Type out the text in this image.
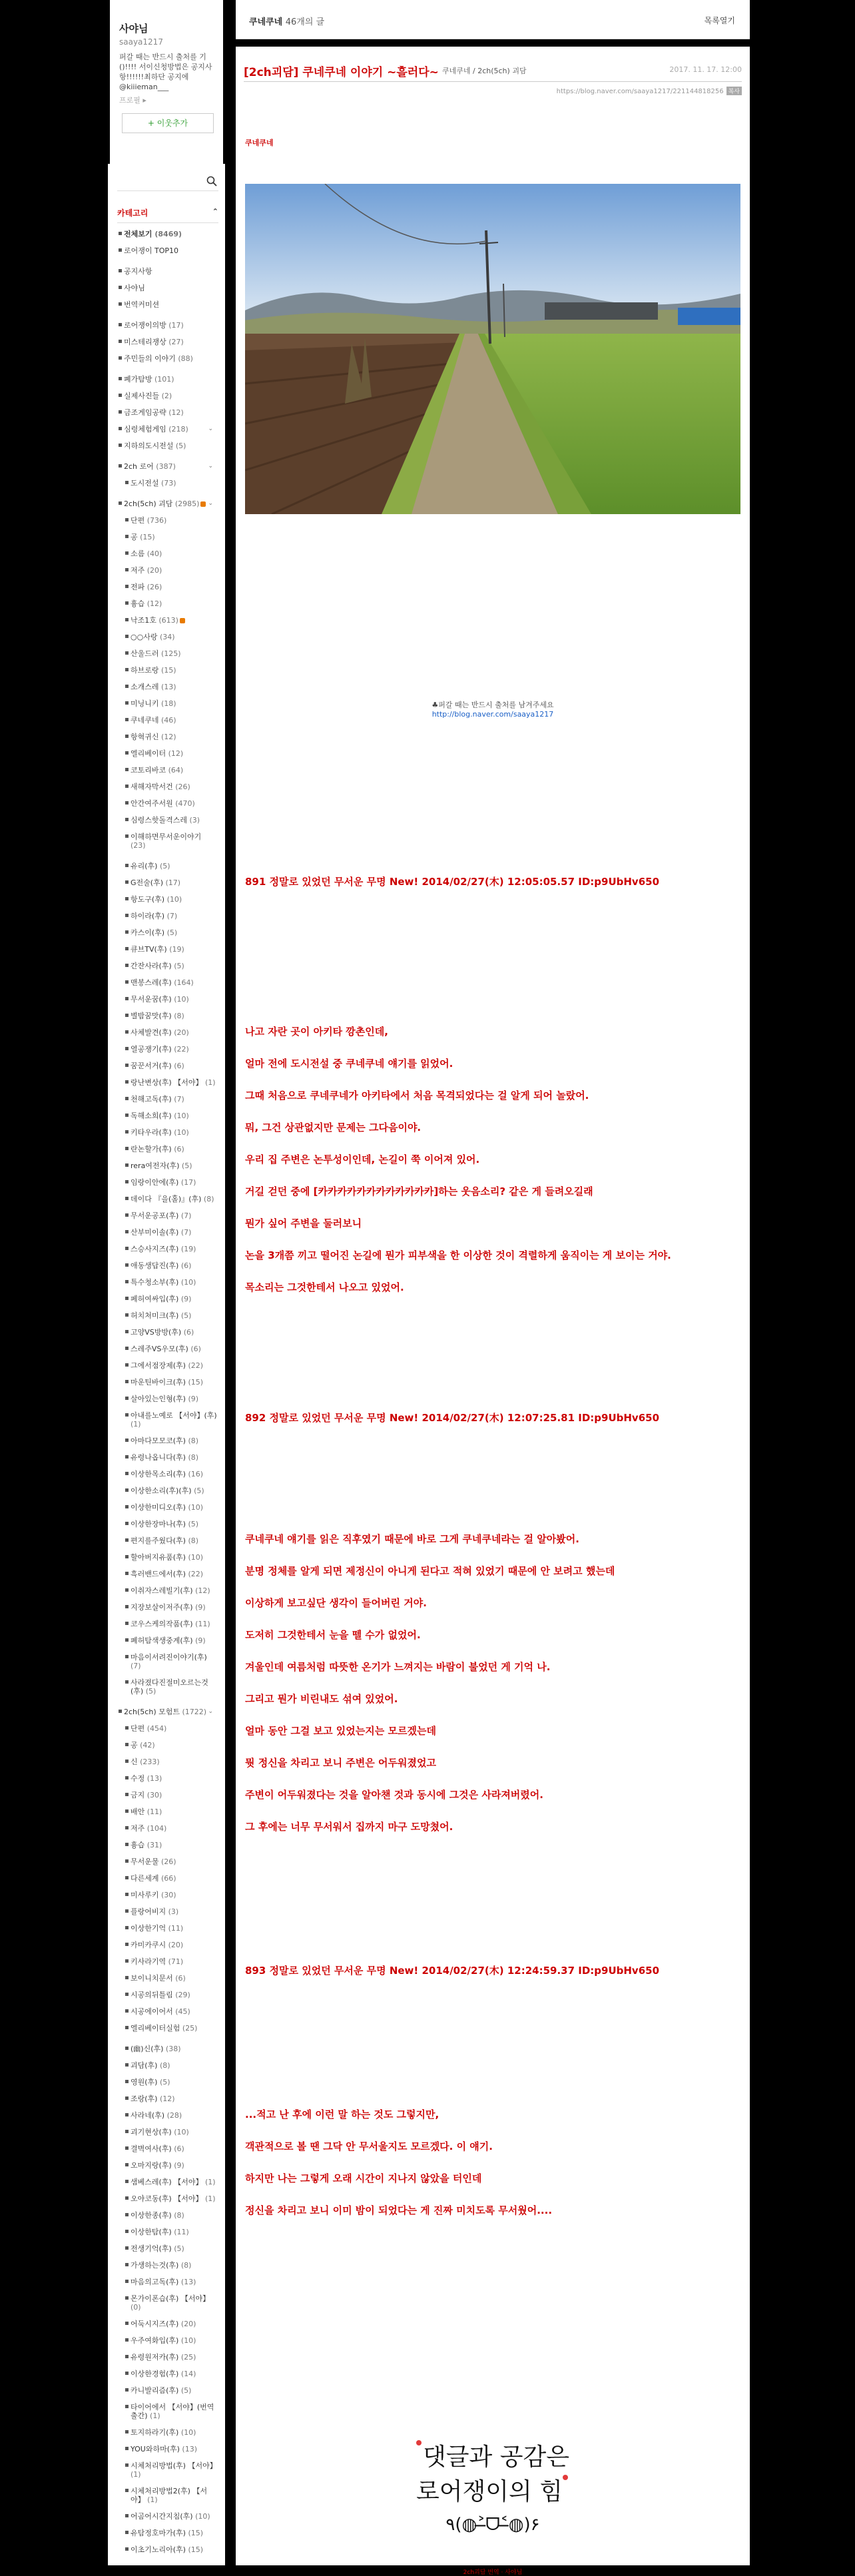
사야님
saaya1217
퍼갈 때는 반드시 출처를 기()!!!! 서이신청방법은 공지사항!!!!!!최하단 공지에 @kiiieman___
프로필 ▸
+ 이웃추가
카테고리	⌃
전체보기 (8469)
로어쟁이 TOP10
공지사항
사야님
번역커미션
로어쟁이의방 (17)
미스테리쟁상 (27)
주민들의 이야기 (88)
폐가탐방 (101)
실제사진들 (2)
금조게임공략 (12)
심령체험게임 (218)	⌄
지하의도시전설 (5)
2ch 로어 (387)	⌄
도시전설 (73)
2ch(5ch) 괴담 (2985) ⌄
단편 (736)
공 (15)
소름 (40)
저주 (20)
전파 (26)
흉습 (12)
낙조1호 (613)
○○사랑 (34)
산울드러 (125)
하브로랑 (15)
소개스레 (13)
미닝니키 (18)
쿠네쿠네 (46)
항혁귀신 (12)
엘리베이터 (12)
코토리바코 (64)
새해자막서건 (26)
안간여주서원 (470)
심령스핫돌격스레 (3)
이해하면무서운이야기 (23)
유리(후) (5)
G전술(후) (17)
항도구(후) (10)
하이라(후) (7)
카스이(후) (5)
큐브TV(후) (19)
간잔사라(후) (5)
맨봉스레(후) (164)
무서운꿈(후) (10)
별밤꿈맛(후) (8)
사체발견(후) (20)
열공쟁기(후) (22)
꿈꾼서거(후) (6)
랑난변상(후) 【서야】 (1)
천해고독(후) (7)
독해소희(후) (10)
키타우라(후) (10)
란논할가(후) (6)
rera여전자(후) (5)
임랑이안에(후) (17)
데이다 『을(홀)』(후) (8)
무서운공포(후) (7)
산부미이솔(후) (7)
스승사지즈(후) (19)
애동생답진(후) (6)
특수청소부(후) (10)
페허여싸입(후) (9)
허치처미크(후) (5)
고양VS방방(후) (6)
스레주VS우모(후) (6)
그에서점장제(후) (22)
마운틴바이크(후) (15)
살아있는인형(후) (9)
아내를노예로 【서야】(후) (1)
아마다모모코(후) (8)
유령나옵니다(후) (8)
이상한목소리(후) (16)
이상한소리(후)(후) (5)
이상한미디오(후) (10)
이상한장마나(후) (5)
편지를주웠다(후) (8)
할아버지유품(후) (10)
흑러밴드에서(후) (22)
이취자스레빌기(후) (12)
지장보살이저주(후) (9)
코우스케의작품(후) (11)
폐허탐색생중계(후) (9)
마음이서려진이야기(후) (7)
사라졌다진절미오르는것(후) (5)
2ch(5ch) 모험트 (1722) ⌄
단편 (454)
공 (42)
신 (233)
수정 (13)
금지 (30)
배안 (11)
저주 (104)
흉습 (31)
무서운물 (26)
다른세계 (66)
미사루키 (30)
플랑어비지 (3)
이상한기억 (11)
카미카쿠시 (20)
키사라기역 (71)
보이니치문서 (6)
시공의뒤틀림 (29)
시공에이어서 (45)
엘리베이터실험 (25)
(幽)신(후) (38)
괴담(후) (8)
영원(후) (5)
조랑(후) (12)
사라네(후) (28)
괴기현상(후) (10)
결벽여사(후) (6)
오마지랑(후) (9)
샘베스레(후) 【서야】 (1)
오야코동(후) 【서야】 (1)
이상한종(후) (8)
이상한탐(후) (11)
전생기억(후) (5)
가생하는것(후) (8)
마음의고독(후) (13)
몬가이폰습(후) 【서야】 (0)
어둑시지즈(후) (20)
우주여화입(후) (10)
유령원저카(후) (25)
이상한경험(후) (14)
카니발리즘(후) (5)
타이어에서 【서야】(번역출간) (1)
토지하라기(후) (10)
YOU와하마(후) (13)
시체처리방법(후) 【서야】 (1)
시체처리방법2(후) 【서야】 (1)
어곰어시간지침(후) (10)
유탐정호마가(후) (15)
이초기노리아(후) (15)
쿠네쿠네 46개의 글	목록열기
[2ch괴담] 쿠네쿠네 이야기 ~흘러다~ 쿠네쿠네 / 2ch(5ch) 괴담	2017. 11. 17. 12:00
https://blog.naver.com/saaya1217/221144818256 복사
쿠네쿠네
♣퍼갈 때는 반드시 출처를 남겨주세요
http://blog.naver.com/saaya1217
891 정말로 있었던 무서운 무명 New! 2014/02/27(木) 12:05:05.57 ID:p9UbHv650
나고 자란 곳이 아키타 깡촌인데,
얼마 전에 도시전설 중 쿠네쿠네 얘기를 읽었어.
그때 처음으로 쿠네쿠네가 아키타에서 처음 목격되었다는 걸 알게 되어 놀랐어.
뭐, 그건 상관없지만 문제는 그다음이야.
우리 집 주변은 논투성이인데, 논길이 쭉 이어져 있어.
거길 걷던 중에 [카카카카카카카카카카카카]하는 웃음소리? 같은 게 들려오길래
뭔가 싶어 주변을 둘러보니
논을 3개쯤 끼고 떨어진 논길에 뭔가 피부색을 한 이상한 것이 격렬하게 움직이는 게 보이는 거야.
목소리는 그것한테서 나오고 있었어.
892 정말로 있었던 무서운 무명 New! 2014/02/27(木) 12:07:25.81 ID:p9UbHv650
쿠네쿠네 얘기를 읽은 직후였기 때문에 바로 그게 쿠네쿠네라는 걸 알아봤어.
분명 정체를 알게 되면 제정신이 아니게 된다고 적혀 있었기 때문에 안 보려고 했는데
이상하게 보고싶단 생각이 들어버린 거야.
도저히 그것한테서 눈을 뗄 수가 없었어.
겨울인데 여름처럼 따뜻한 온기가 느껴지는 바람이 불었던 게 기억 나.
그리고 뭔가 비린내도 섞여 있었어.
얼마 동안 그걸 보고 있었는지는 모르겠는데
뭣 정신을 차리고 보니 주변은 어두워졌었고
주변이 어두워졌다는 것을 알아챈 것과 동시에 그것은 사라져버렸어.
그 후에는 너무 무서워서 집까지 마구 도망쳤어.
893 정말로 있었던 무서운 무명 New! 2014/02/27(木) 12:24:59.37 ID:p9UbHv650
...적고 난 후에 이런 말 하는 것도 그렇지만,
객관적으로 볼 땐 그닥 안 무서울지도 모르겠다. 이 얘기.
하지만 나는 그렇게 오래 시간이 지나지 않았을 터인데
정신을 차리고 보니 이미 밤이 되었다는 게 진짜 미치도록 무서웠어....
댓글과 공감은
로어쟁이의 힘
٩(◍˃̶ᗜ˂̶◍)۶
2ch괴담 번역 · 사야님
